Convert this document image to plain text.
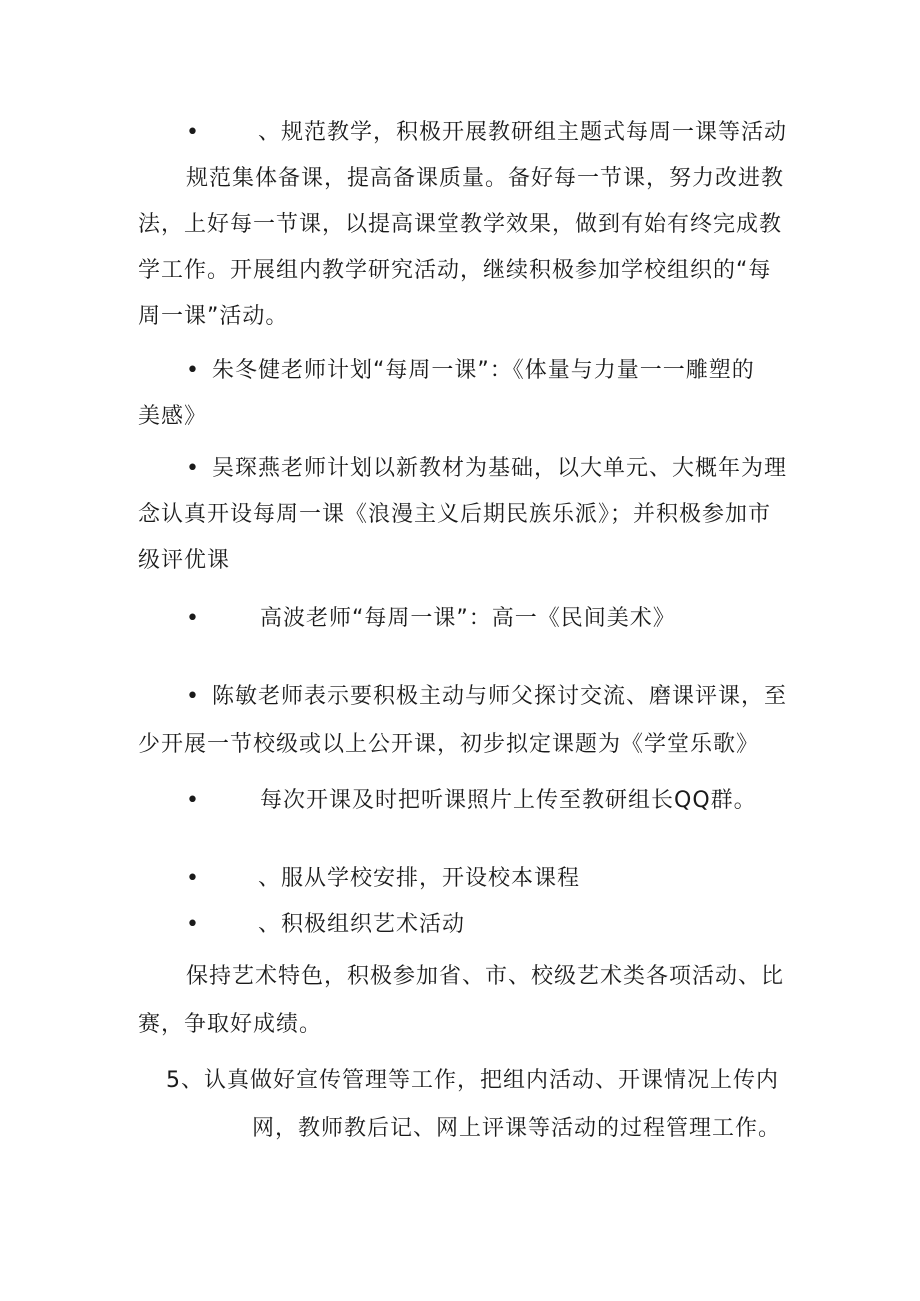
•	、规范教学，积极开展教研组主题式每周一课等活动
规范集体备课，提高备课质量。备好每一节课，努力改进教
法，上好每一节课，以提高课堂教学效果，做到有始有终完成教
学工作。开展组内教学研究活动，继续积极参加学校组织的“每
周一课”活动。
• 朱冬健老师计划“每周一课”：《体量与力量一一雕塑的
美感》
• 吴琛燕老师计划以新教材为基础，以大单元、大概年为理
念认真开设每周一课《浪漫主义后期民族乐派》；并积极参加市
级评优课
•	高波老师“每周一课”：高一《民间美术》
• 陈敏老师表示要积极主动与师父探讨交流、磨课评课，至
少开展一节校级或以上公开课，初步拟定课题为《学堂乐歌》
•	每次开课及时把听课照片上传至教研组长QQ群。
•	、服从学校安排，开设校本课程
•	、积极组织艺术活动
保持艺术特色，积极参加省、市、校级艺术类各项活动、比
赛，争取好成绩。
5、认真做好宣传管理等工作，把组内活动、开课情况上传内
网，教师教后记、网上评课等活动的过程管理工作。
